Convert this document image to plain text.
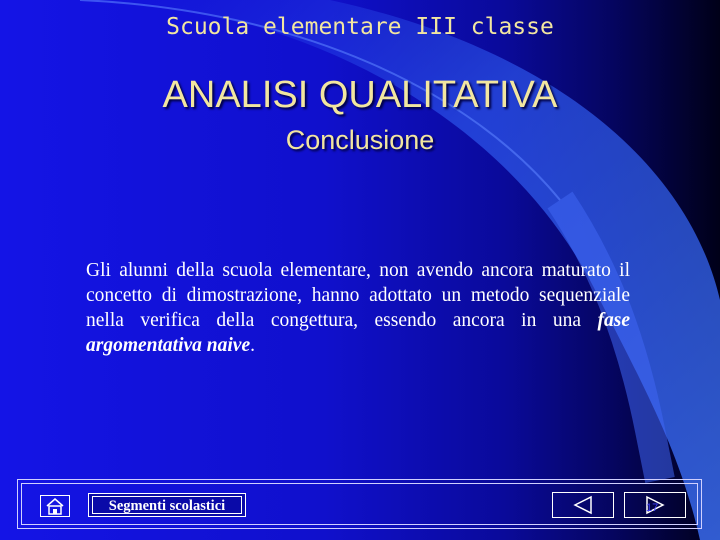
Scuola elementare III classe
ANALISI QUALITATIVA
Conclusione
Gli alunni della scuola elementare, non avendo ancora maturato il concetto di dimostrazione, hanno adottato un metodo sequenziale nella verifica della congettura, essendo ancora in una fase argomentativa naive.
Segmenti scolastici	17
